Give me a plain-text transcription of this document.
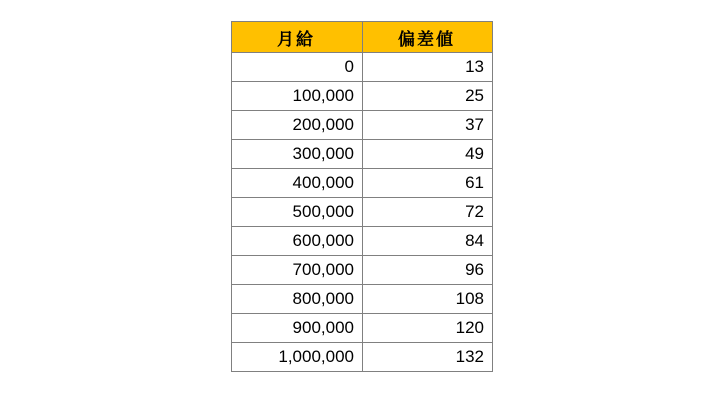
月給	偏差値
0	13
100,000	25
200,000	37
300,000	49
400,000	61
500,000	72
600,000	84
700,000	96
800,000	108
900,000	120
1,000,000	132
